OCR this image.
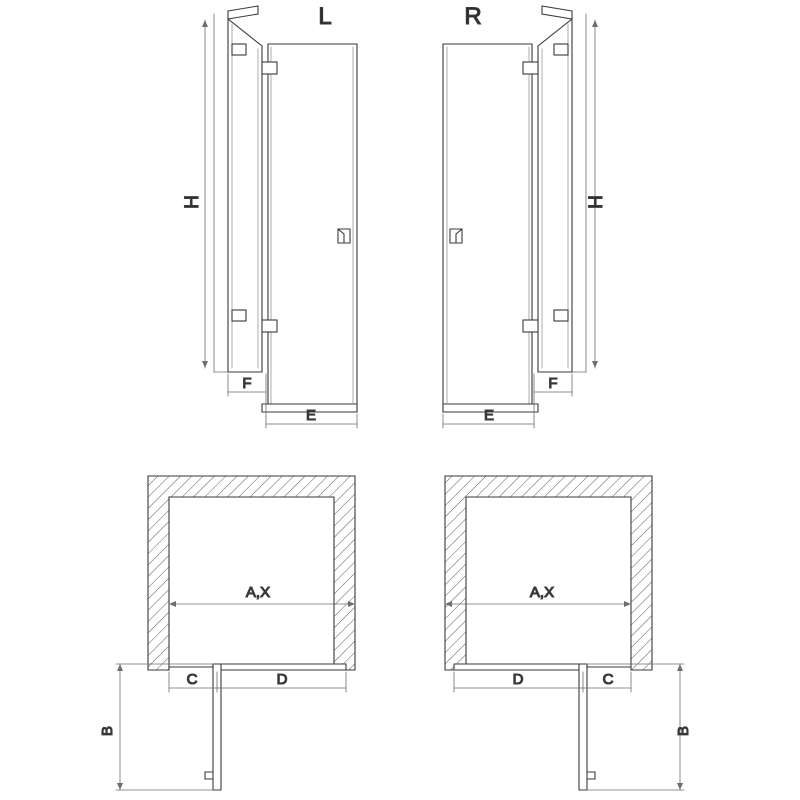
H
F
E
L
H
F
E
R
A,X
C	D
B
A,X
D	C
B
